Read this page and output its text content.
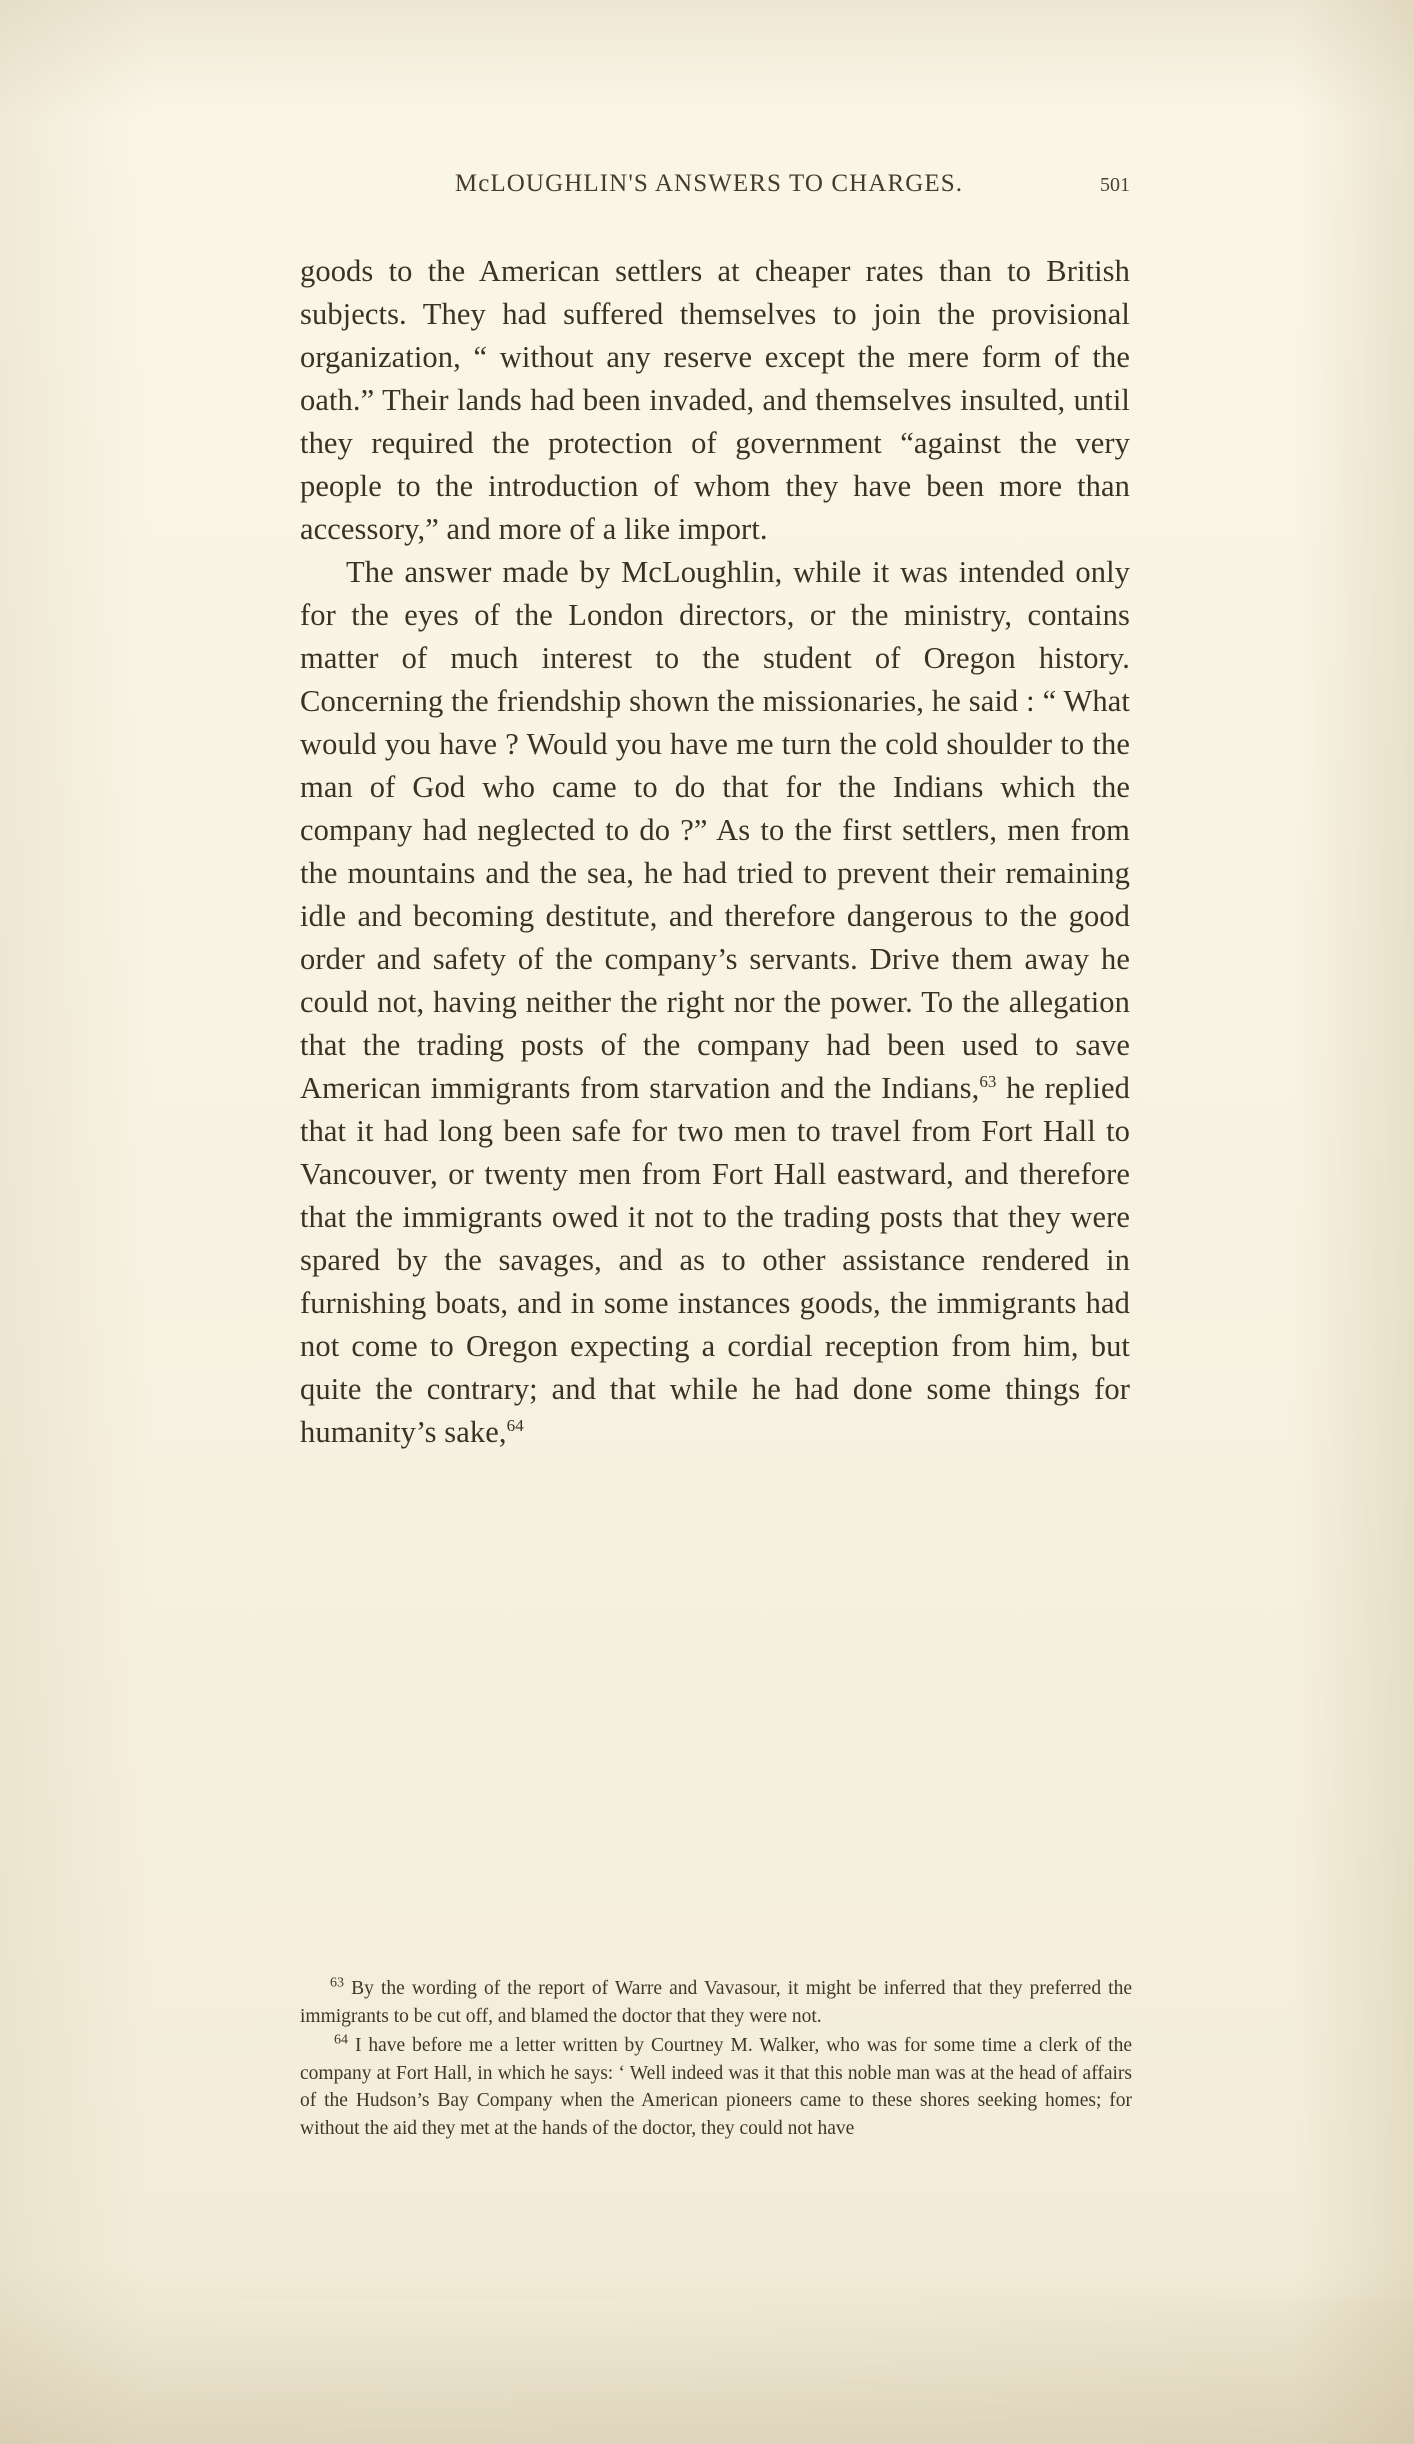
McLOUGHLIN'S ANSWERS TO CHARGES.	501

goods to the American settlers at cheaper rates than to British subjects. They had suffered themselves to join the provisional organization, “ without any reserve except the mere form of the oath.” Their lands had been invaded, and themselves insulted, until they required the protection of government “against the very people to the introduction of whom they have been more than accessory,” and more of a like import.

The answer made by McLoughlin, while it was intended only for the eyes of the London directors, or the ministry, contains matter of much interest to the student of Oregon history. Concerning the friendship shown the missionaries, he said : “ What would you have ? Would you have me turn the cold shoulder to the man of God who came to do that for the Indians which the company had neglected to do ?” As to the first settlers, men from the mountains and the sea, he had tried to prevent their remaining idle and becoming destitute, and therefore dangerous to the good order and safety of the company’s servants. Drive them away he could not, having neither the right nor the power. To the allegation that the trading posts of the company had been used to save American immigrants from starvation and the Indians,$^{63}$ he replied that it had long been safe for two men to travel from Fort Hall to Vancouver, or twenty men from Fort Hall eastward, and therefore that the immigrants owed it not to the trading posts that they were spared by the savages, and as to other assistance rendered in furnishing boats, and in some instances goods, the immigrants had not come to Oregon expecting a cordial reception from him, but quite the contrary; and that while he had done some things for humanity’s sake,$^{64}$

$^{63}$ By the wording of the report of Warre and Vavasour, it might be inferred that they preferred the immigrants to be cut off, and blamed the doctor that they were not.

$^{64}$ I have before me a letter written by Courtney M. Walker, who was for some time a clerk of the company at Fort Hall, in which he says: ‘ Well indeed was it that this noble man was at the head of affairs of the Hudson’s Bay Company when the American pioneers came to these shores seeking homes; for without the aid they met at the hands of the doctor, they could not have
